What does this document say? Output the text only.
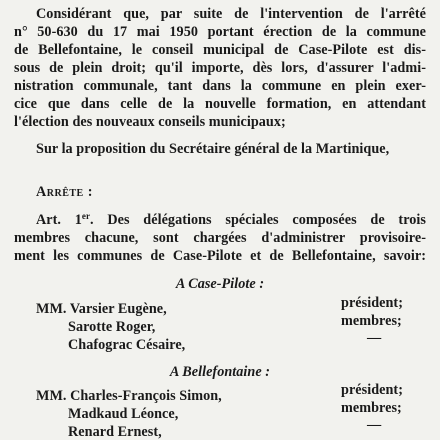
Considérant que, par suite de l'intervention de l'arrêté
n° 50-630 du 17 mai 1950 portant érection de la commune
de Bellefontaine, le conseil municipal de Case-Pilote est dis-
sous de plein droit; qu'il importe, dès lors, d'assurer l'admi-
nistration communale, tant dans la commune en plein exer-
cice que dans celle de la nouvelle formation, en attendant
l'élection des nouveaux conseils municipaux;
Sur la proposition du Secrétaire général de la Martinique,
Arrête :
Art. 1er. Des délégations spéciales composées de trois
membres chacune, sont chargées d'administrer provisoire-
ment les communes de Case-Pilote et de Bellefontaine, savoir:
A Case-Pilote :
MM. Varsier Eugène,	président;
Sarotte Roger,	membres;
Chafograc Césaire,	—
A Bellefontaine :
MM. Charles-François Simon,	président;
Madkaud Léonce,	membres;
Renard Ernest,	—
